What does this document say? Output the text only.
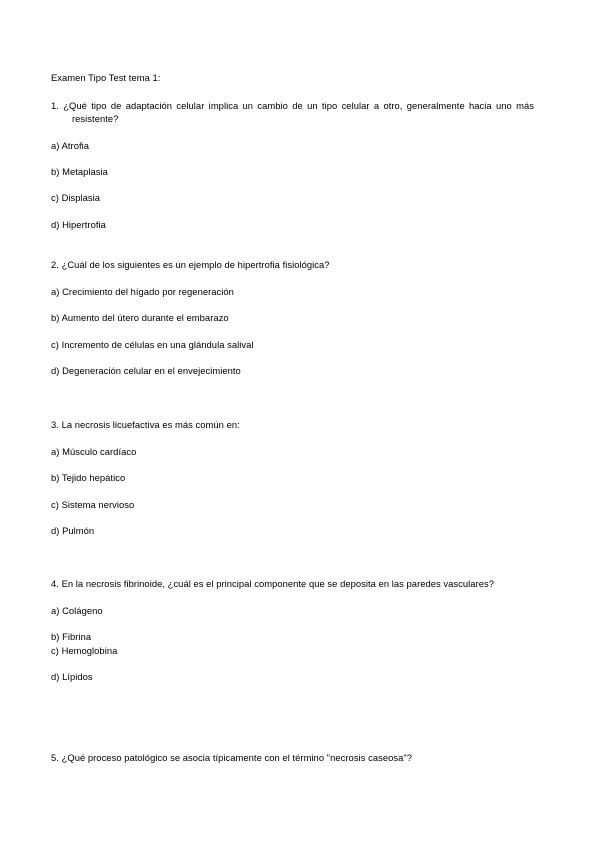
Examen Tipo Test tema 1:
1. ¿Qué tipo de adaptación celular implica un cambio de un tipo celular a otro, generalmente hacia uno más
resistente?
a) Atrofia
b) Metaplasia
c) Displasia
d) Hipertrofia
2. ¿Cuál de los siguientes es un ejemplo de hipertrofia fisiológica?
a) Crecimiento del hígado por regeneración
b) Aumento del útero durante el embarazo
c) Incremento de células en una glándula salival
d) Degeneración celular en el envejecimiento
3. La necrosis licuefactiva es más común en:
a) Músculo cardíaco
b) Tejido hepático
c) Sistema nervioso
d) Pulmón
4. En la necrosis fibrinoide, ¿cuál es el principal componente que se deposita en las paredes vasculares?
a) Colágeno
b) Fibrina
c) Hemoglobina
d) Lípidos
5. ¿Qué proceso patológico se asocia típicamente con el término "necrosis caseosa"?
